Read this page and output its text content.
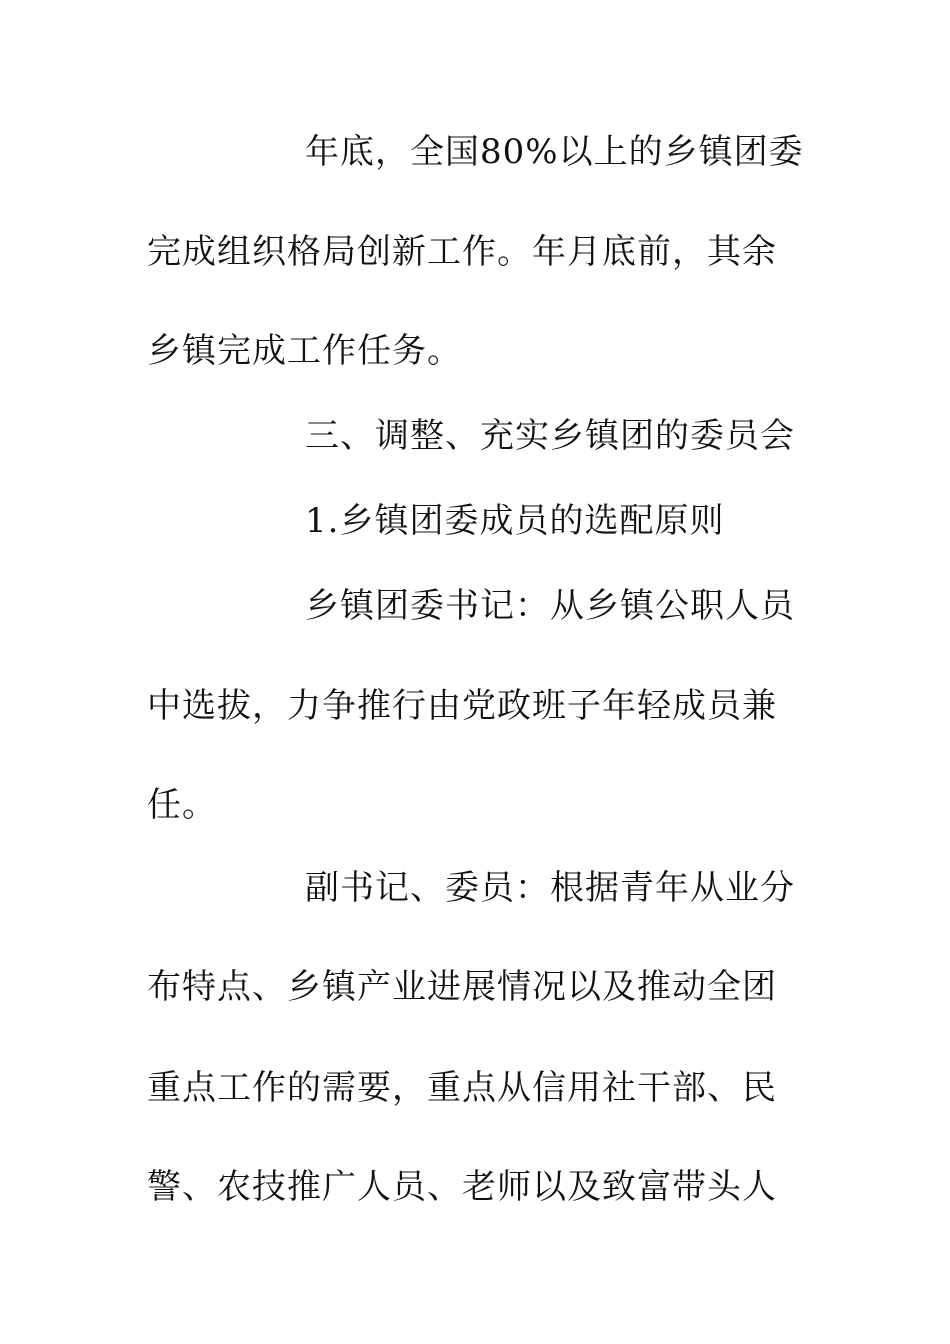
年底，全国80%以上的乡镇团委
完成组织格局创新工作。年月底前，其余
乡镇完成工作任务。
三、调整、充实乡镇团的委员会
1.乡镇团委成员的选配原则
乡镇团委书记：从乡镇公职人员
中选拔，力争推行由党政班子年轻成员兼
任。
副书记、委员：根据青年从业分
布特点、乡镇产业进展情况以及推动全团
重点工作的需要，重点从信用社干部、民
警、农技推广人员、老师以及致富带头人
